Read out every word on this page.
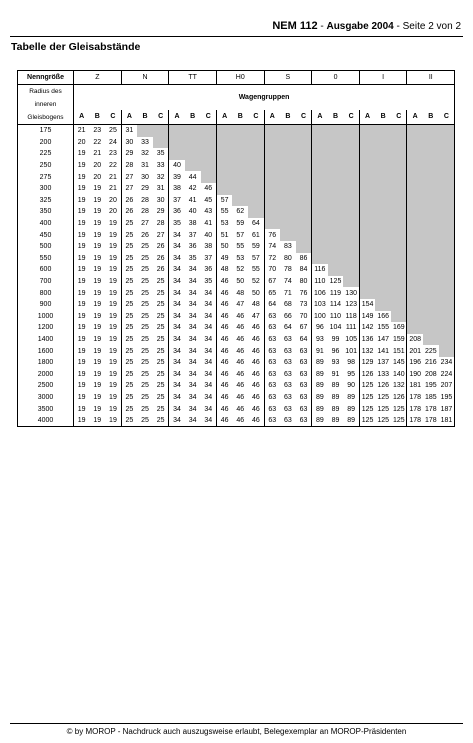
NEM 112 - Ausgabe 2004 - Seite 2 von 2
Tabelle der Gleisabstände
Nenngröße	Z			N			TT			H0			S			0			I			II		

Radius des
inneren
Gleisbogens	Wagengruppen																							
	A	B	C	A	B	C	A	B	C	A	B	C	A	B	C	A	B	C	A	B	C	A	B	C
175	21	23	25	31																				
200	20	22	24	30	33																			
225	19	21	23	29	32	35																		
250	19	20	22	28	31	33	40																	
275	19	20	21	27	30	32	39	44																
300	19	19	21	27	29	31	38	42	46															
325	19	19	20	26	28	30	37	41	45	57														
350	19	19	20	26	28	29	36	40	43	55	62													
400	19	19	19	25	27	28	35	38	41	53	59	64												
450	19	19	19	25	26	27	34	37	40	51	57	61	76											
500	19	19	19	25	25	26	34	36	38	50	55	59	74	83										
550	19	19	19	25	25	26	34	35	37	49	53	57	72	80	86									
600	19	19	19	25	25	26	34	34	36	48	52	55	70	78	84	116								
700	19	19	19	25	25	25	34	34	35	46	50	52	67	74	80	110	125							
800	19	19	19	25	25	25	34	34	34	46	48	50	65	71	76	106	119	130						
900	19	19	19	25	25	25	34	34	34	46	47	48	64	68	73	103	114	123	154					
1000	19	19	19	25	25	25	34	34	34	46	46	47	63	66	70	100	110	118	149	166				
1200	19	19	19	25	25	25	34	34	34	46	46	46	63	64	67	96	104	111	142	155	169			
1400	19	19	19	25	25	25	34	34	34	46	46	46	63	63	64	93	99	105	136	147	159	208		
1600	19	19	19	25	25	25	34	34	34	46	46	46	63	63	63	91	96	101	132	141	151	201	225	
1800	19	19	19	25	25	25	34	34	34	46	46	46	63	63	63	89	93	98	129	137	145	196	216	234
2000	19	19	19	25	25	25	34	34	34	46	46	46	63	63	63	89	91	95	126	133	140	190	208	224
2500	19	19	19	25	25	25	34	34	34	46	46	46	63	63	63	89	89	90	125	126	132	181	195	207
3000	19	19	19	25	25	25	34	34	34	46	46	46	63	63	63	89	89	89	125	125	126	178	185	195
3500	19	19	19	25	25	25	34	34	34	46	46	46	63	63	63	89	89	89	125	125	125	178	178	187
4000	19	19	19	25	25	25	34	34	34	46	46	46	63	63	63	89	89	89	125	125	125	178	178	181
© by MOROP - Nachdruck auch auszugsweise erlaubt, Belegexemplar an MOROP-Präsidenten
